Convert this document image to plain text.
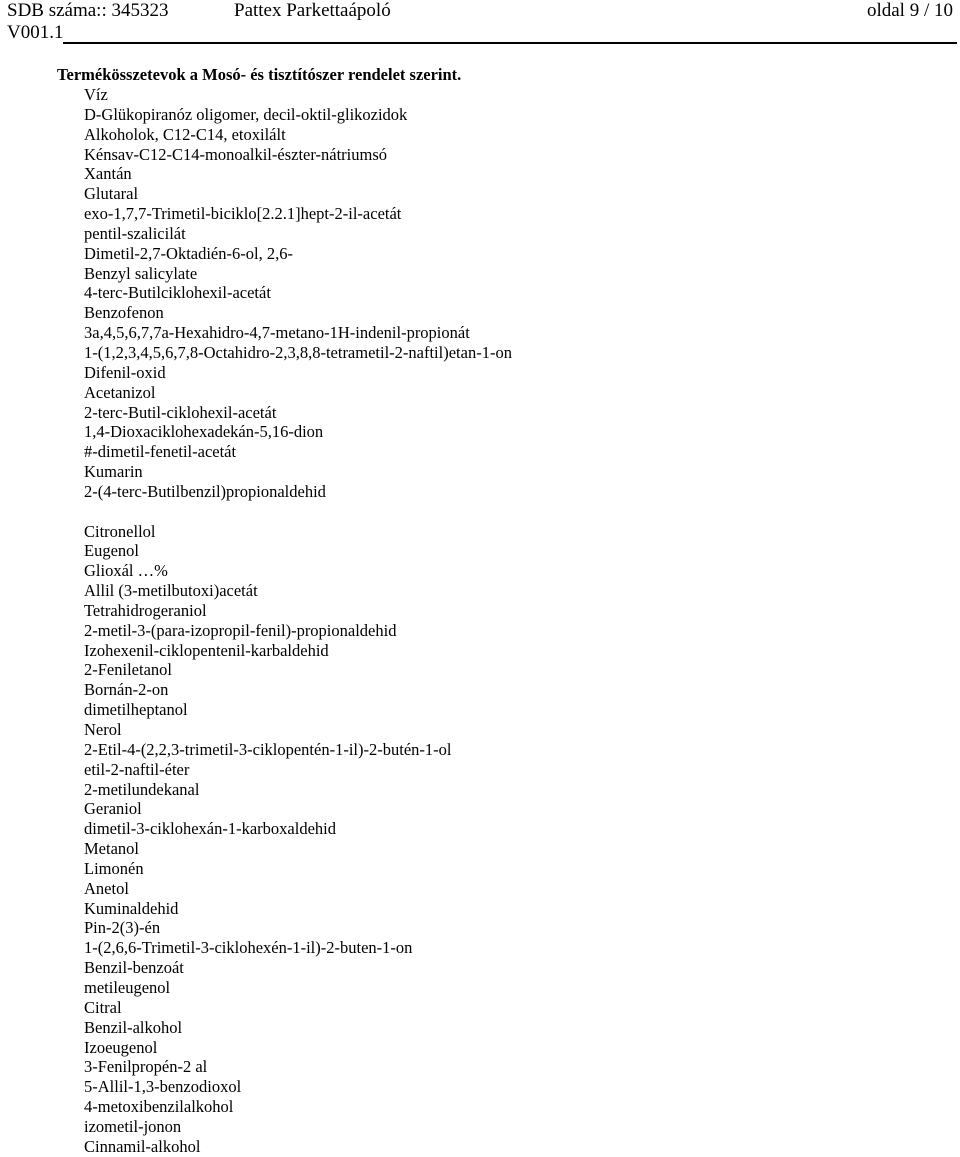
SDB száma:: 345323	Pattex Parkettaápoló	oldal 9 / 10
V001.1
Termékösszetevok a Mosó- és tisztítószer rendelet szerint.
Víz
D-Glükopiranóz oligomer, decil-oktil-glikozidok
Alkoholok, C12-C14, etoxilált
Kénsav-C12-C14-monoalkil-észter-nátriumsó
Xantán
Glutaral
exo-1,7,7-Trimetil-biciklo[2.2.1]hept-2-il-acetát
pentil-szalicilát
Dimetil-2,7-Oktadién-6-ol, 2,6-
Benzyl salicylate
4-terc-Butilciklohexil-acetát
Benzofenon
3a,4,5,6,7,7a-Hexahidro-4,7-metano-1H-indenil-propionát
1-(1,2,3,4,5,6,7,8-Octahidro-2,3,8,8-tetrametil-2-naftil)etan-1-on
Difenil-oxid
Acetanizol
2-terc-Butil-ciklohexil-acetát
1,4-Dioxaciklohexadekán-5,16-dion
#-dimetil-fenetil-acetát
Kumarin
2-(4-terc-Butilbenzil)propionaldehid
Citronellol
Eugenol
Glioxál …%
Allil (3-metilbutoxi)acetát
Tetrahidrogeraniol
2-metil-3-(para-izopropil-fenil)-propionaldehid
Izohexenil-ciklopentenil-karbaldehid
2-Feniletanol
Bornán-2-on
dimetilheptanol
Nerol
2-Etil-4-(2,2,3-trimetil-3-ciklopentén-1-il)-2-butén-1-ol
etil-2-naftil-éter
2-metilundekanal
Geraniol
dimetil-3-ciklohexán-1-karboxaldehid
Metanol
Limonén
Anetol
Kuminaldehid
Pin-2(3)-én
1-(2,6,6-Trimetil-3-ciklohexén-1-il)-2-buten-1-on
Benzil-benzoát
metileugenol
Citral
Benzil-alkohol
Izoeugenol
3-Fenilpropén-2 al
5-Allil-1,3-benzodioxol
4-metoxibenzilalkohol
izometil-jonon
Cinnamil-alkohol
